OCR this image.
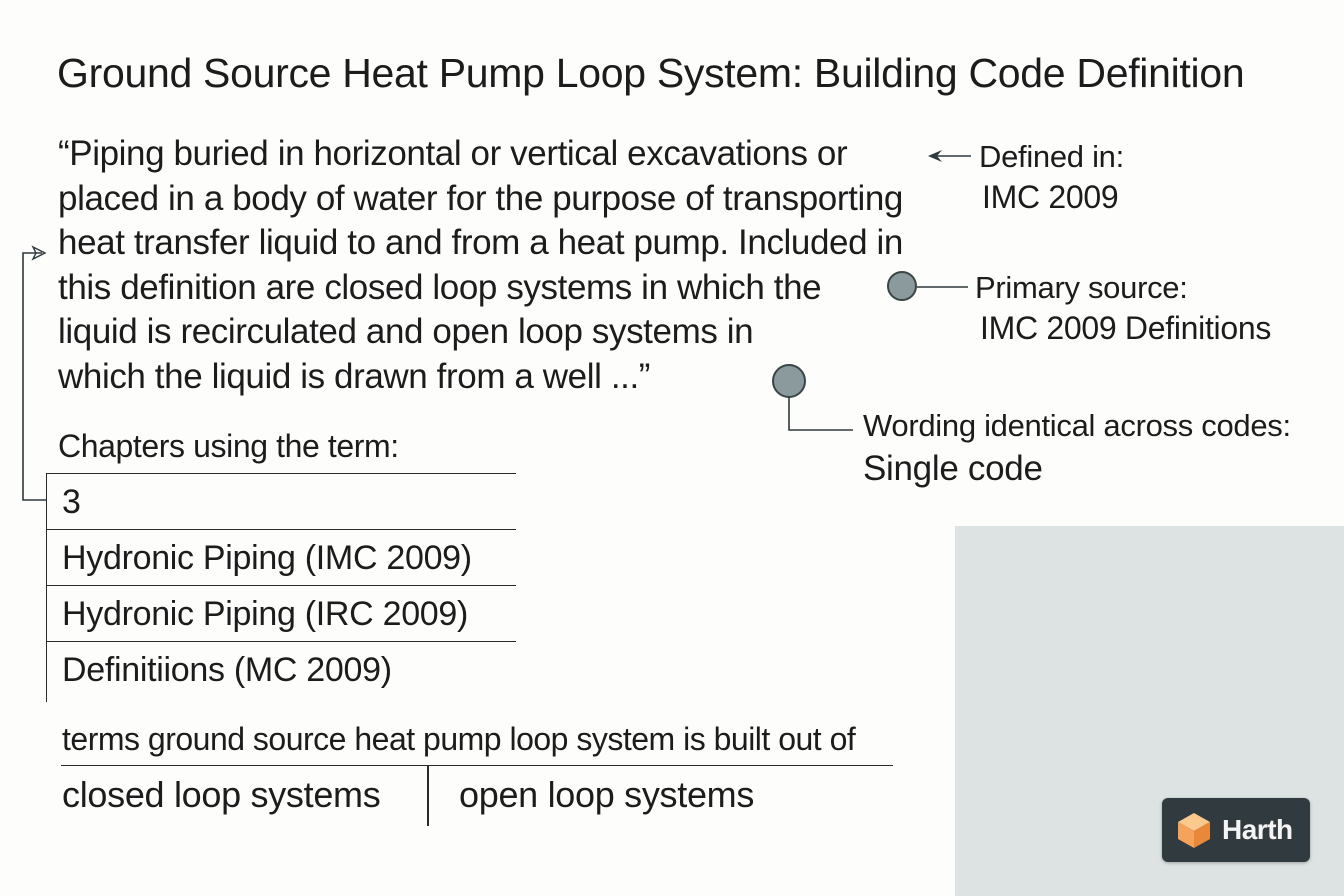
Ground Source Heat Pump Loop System: Building Code Definition

“Piping buried in horizontal or vertical excavations or
placed in a body of water for the purpose of transporting
heat transfer liquid to and from a heat pump. Included in
this definition are closed loop systems in which the
liquid is recirculated and open loop systems in
which the liquid is drawn from a well ...”

Defined in:
IMC 2009
Primary source:
IMC 2009 Definitions
Wording identical across codes:
Single code
Chapters using the term:
3
Hydronic Piping (IMC 2009)
Hydronic Piping (IRC 2009)
Definitiions (MC 2009)
terms ground source heat pump loop system is built out of
closed loop systems open loop systems
Harth
